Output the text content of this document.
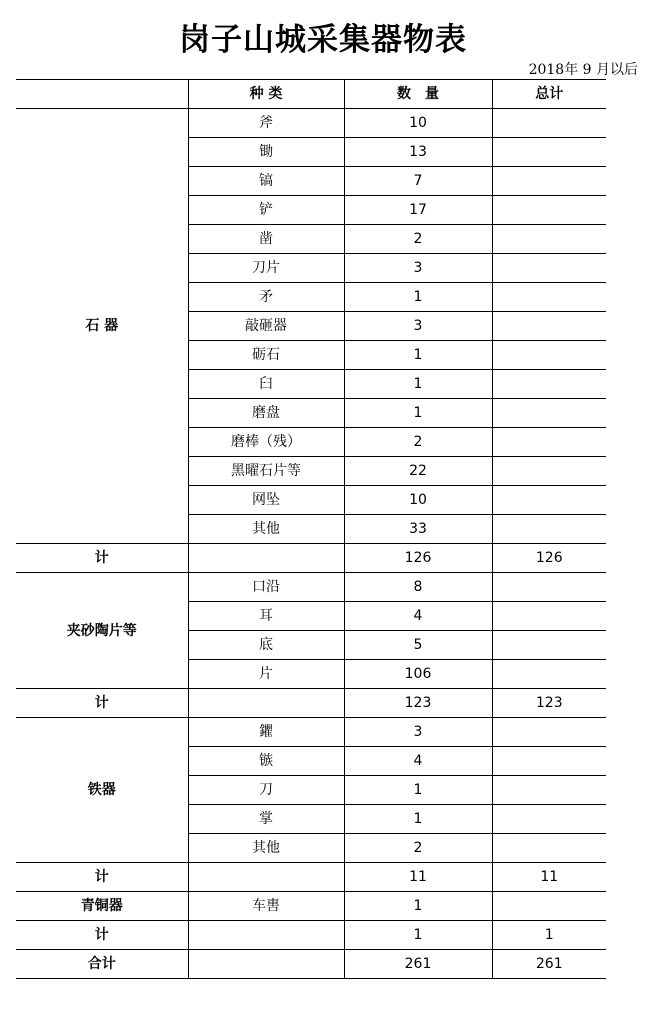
岗子山城采集器物表
2018年 9 月以后
	种 类	数　量	总计
石 器	斧	10	
	锄	13	
	镐	7	
	铲	17	
	凿	2	
	刀片	3	
	矛	1	
	敲砸器	3	
	砺石	1	
	臼	1	
	磨盘	1	
	磨棒（残）	2	
	黑曜石片等	22	
	网坠	10	
	其他	33	
计		126	126
夹砂陶片等	口沿	8	
	耳	4	
	底	5	
	片	106	
计		123	123
铁器	鑺	3	
	镞	4	
	刀	1	
	掌	1	
	其他	2	
计		11	11
青铜器	车軎	1	
计		1	1
合计		261	261
